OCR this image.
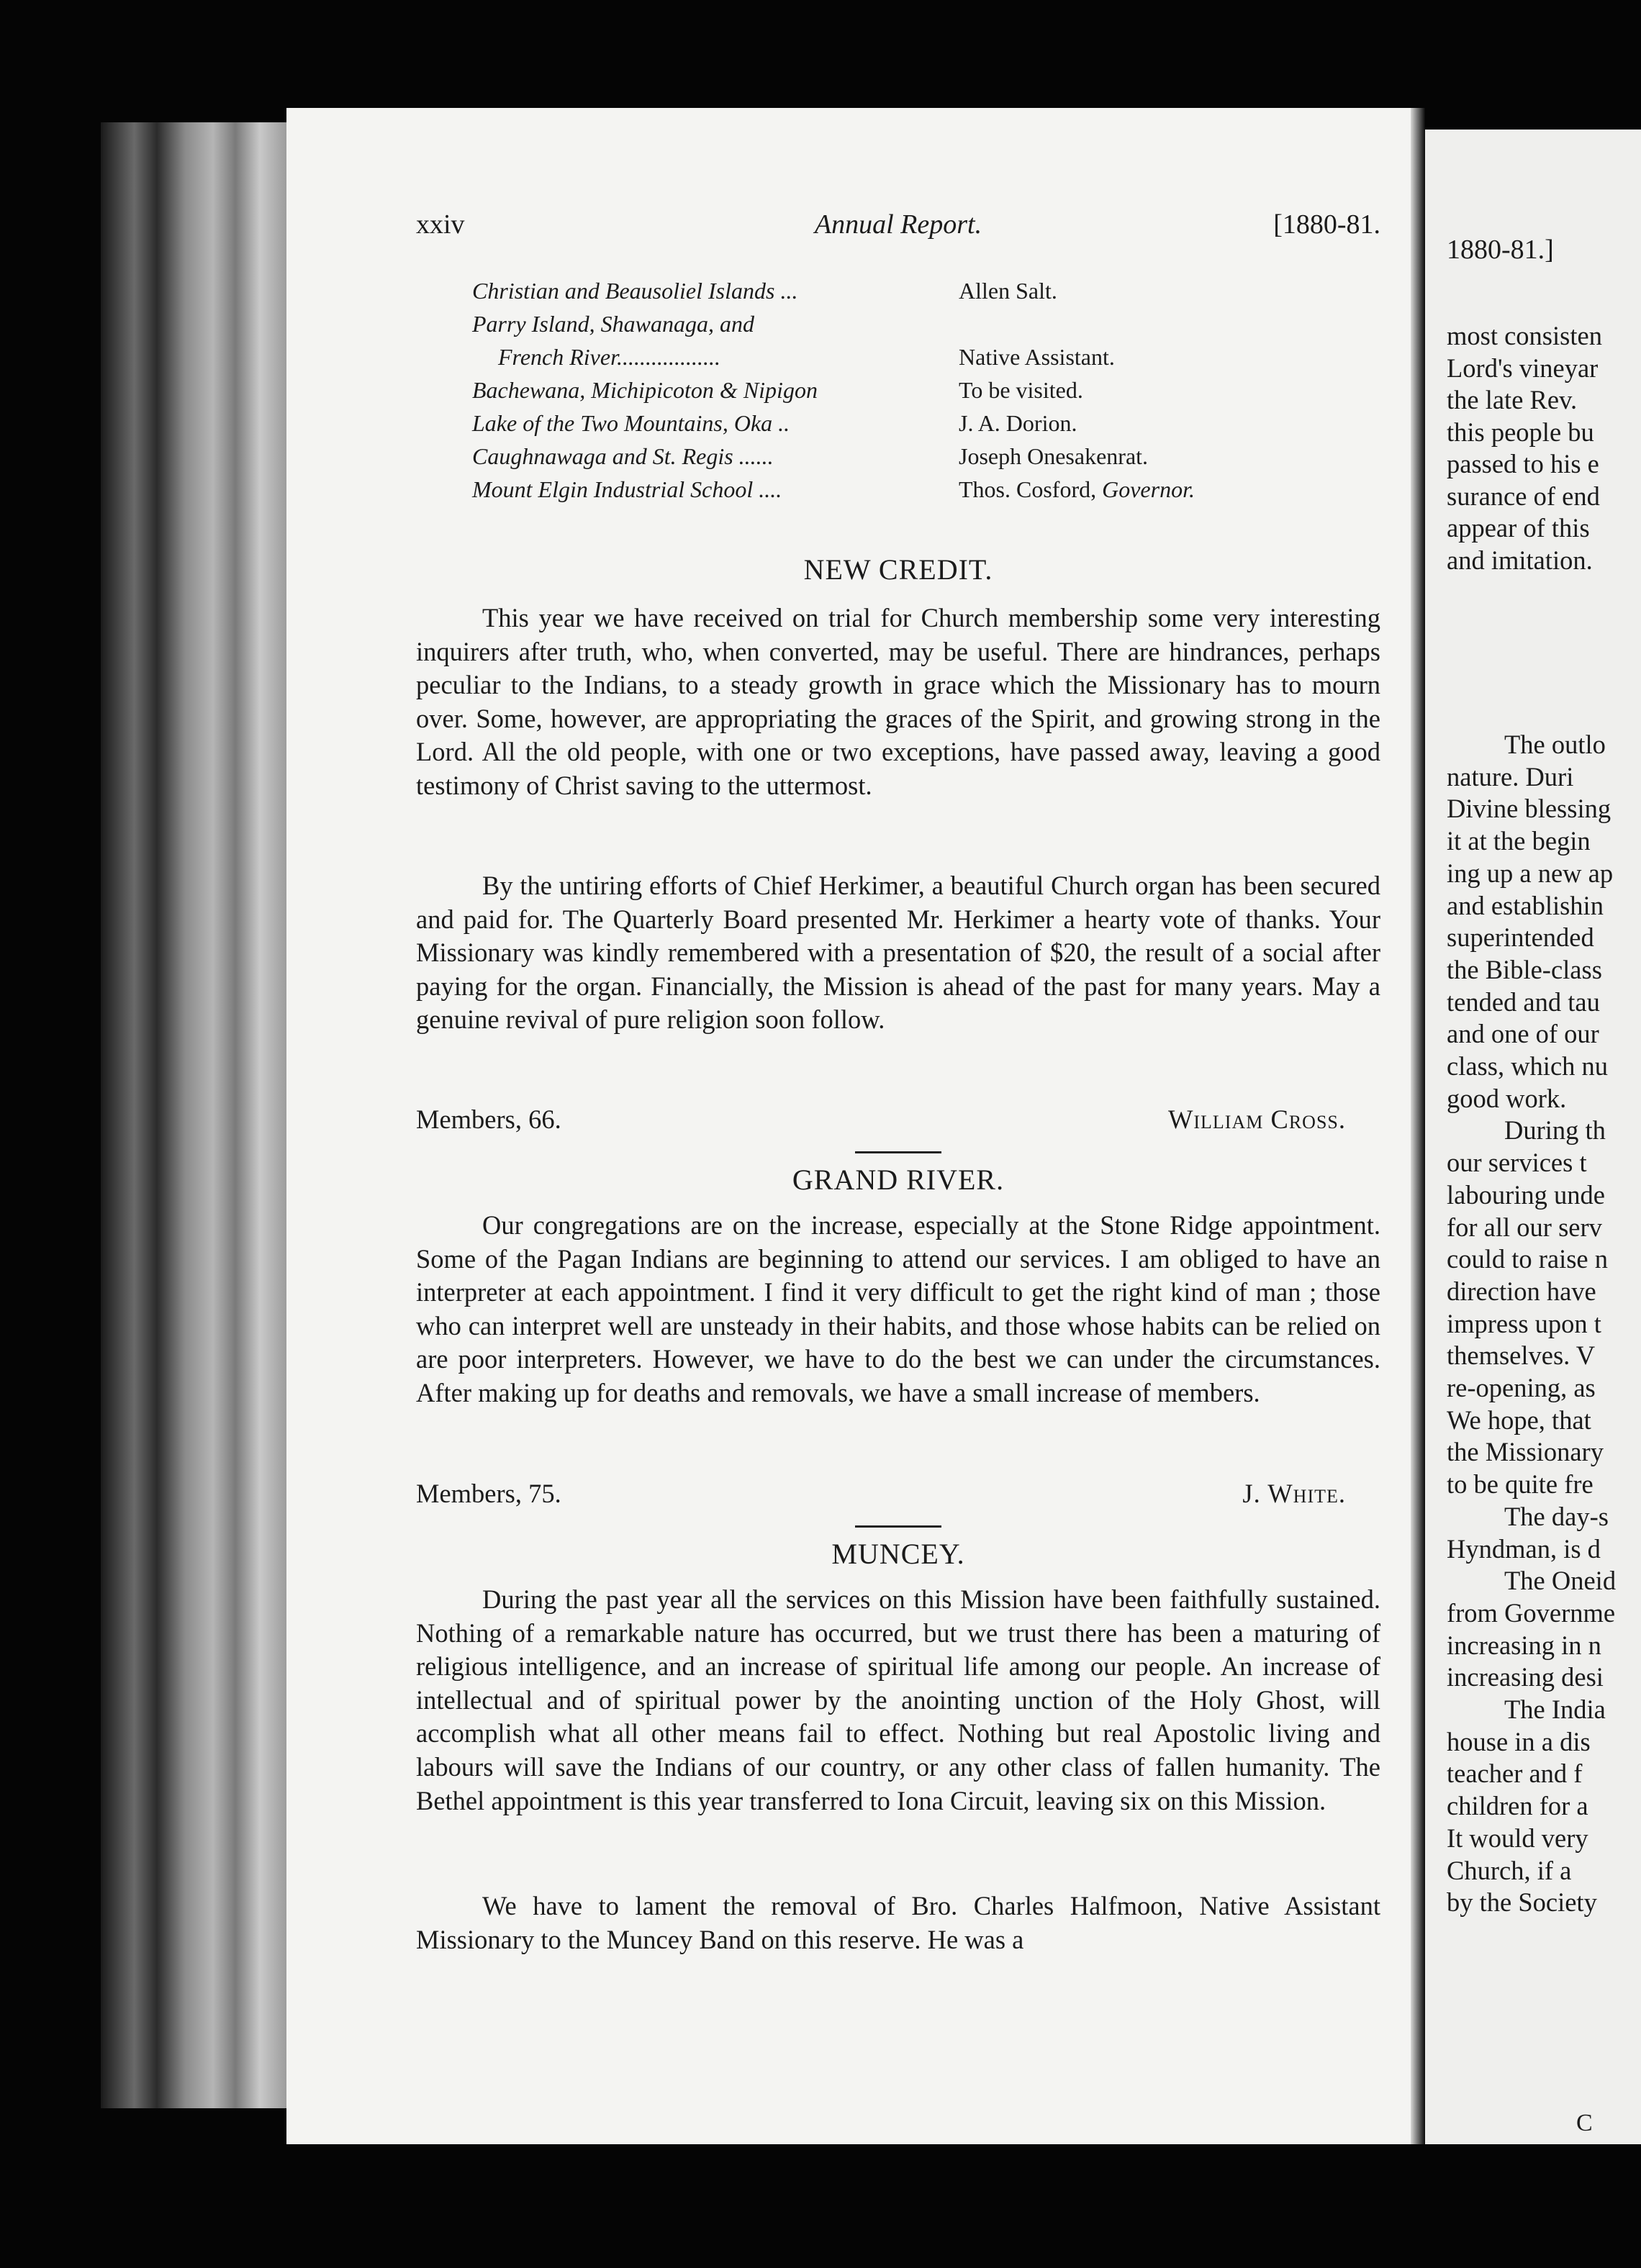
xxiv	Annual Report.	[1880-81.
Christian and Beausoliel Islands ...	Allen Salt.
Parry Island, Shawanaga, and	
French River..................	Native Assistant.
Bachewana, Michipicoton & Nipigon	To be visited.
Lake of the Two Mountains, Oka ..	J. A. Dorion.
Caughnawaga and St. Regis ......	Joseph Onesakenrat.
Mount Elgin Industrial School ....	Thos. Cosford, Governor.
NEW CREDIT.
This year we have received on trial for Church membership some very interesting inquirers after truth, who, when converted, may be useful. There are hindrances, perhaps peculiar to the Indians, to a steady growth in grace which the Missionary has to mourn over. Some, however, are appropriating the graces of the Spirit, and growing strong in the Lord. All the old people, with one or two exceptions, have passed away, leaving a good testimony of Christ saving to the uttermost.
By the untiring efforts of Chief Herkimer, a beautiful Church organ has been secured and paid for. The Quarterly Board presented Mr. Herkimer a hearty vote of thanks. Your Missionary was kindly remembered with a presentation of $20, the result of a social after paying for the organ. Financially, the Mission is ahead of the past for many years. May a genuine revival of pure religion soon follow.
Members, 66.	William Cross.
GRAND RIVER.
Our congregations are on the increase, especially at the Stone Ridge appointment. Some of the Pagan Indians are beginning to attend our services. I am obliged to have an interpreter at each appointment. I find it very difficult to get the right kind of man ; those who can interpret well are unsteady in their habits, and those whose habits can be relied on are poor interpreters. However, we have to do the best we can under the circumstances. After making up for deaths and removals, we have a small increase of members.
Members, 75.	J. White.
MUNCEY.
During the past year all the services on this Mission have been faithfully sustained. Nothing of a remarkable nature has occurred, but we trust there has been a maturing of religious intelligence, and an increase of spiritual life among our people. An increase of intellectual and of spiritual power by the anointing unction of the Holy Ghost, will accomplish what all other means fail to effect. Nothing but real Apostolic living and labours will save the Indians of our country, or any other class of fallen humanity. The Bethel appointment is this year transferred to Iona Circuit, leaving six on this Mission.
We have to lament the removal of Bro. Charles Halfmoon, Native Assistant Missionary to the Muncey Band on this reserve. He was a
1880-81.]
most consisten
Lord's vineyar
the late Rev.
this people bu
passed to his e
surance of end
appear of this
and imitation.
The outlo
nature. Duri
Divine blessing
it at the begin
ing up a new ap
and establishin
superintended
the Bible-class
tended and tau
and one of our
class, which nu
good work.
During th
our services t
labouring unde
for all our serv
could to raise n
direction have
impress upon t
themselves. V
re-opening, as
We hope, that
the Missionary
to be quite fre
The day-s
Hyndman, is d
The Oneid
from Governme
increasing in n
increasing desi
The India
house in a dis
teacher and f
children for a
It would very
Church, if a
by the Society
C
